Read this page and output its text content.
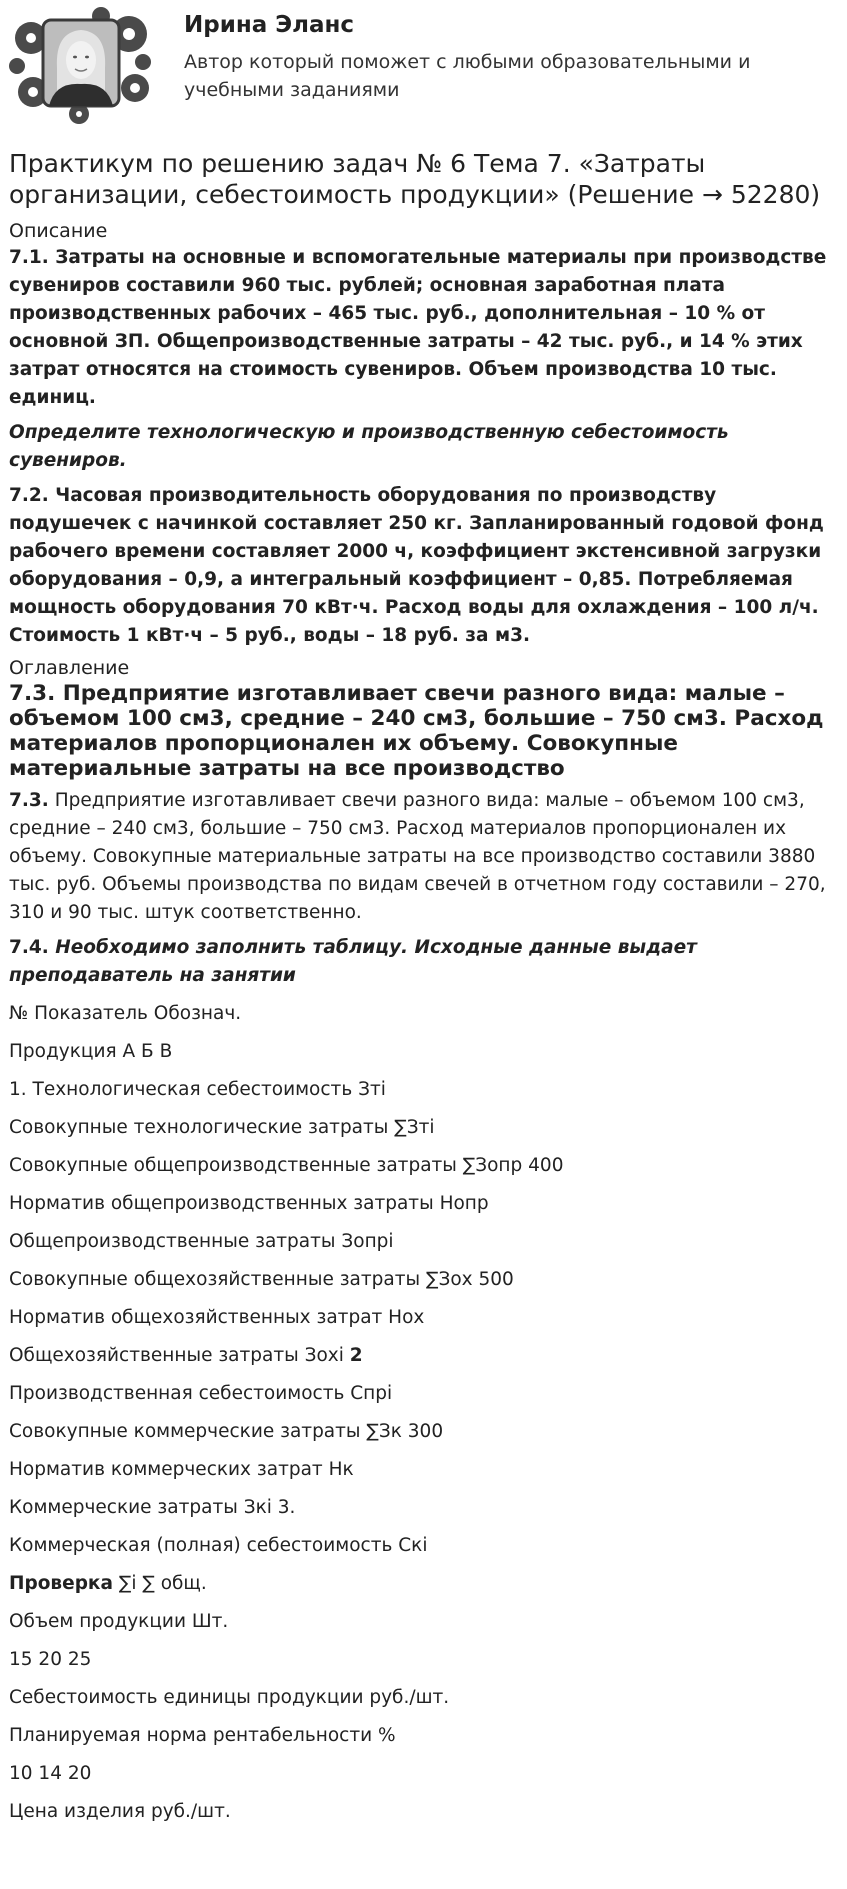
Ирина Эланс
Автор который поможет с любыми образовательными и учебными заданиями
Практикум по решению задач № 6 Тема 7. «Затраты организации, себестоимость продукции» (Решение → 52280)
Описание

7.1. Затраты на основные и вспомогательные материалы при производстве сувениров составили 960 тыс. рублей; основная заработная плата производственных рабочих – 465 тыс. руб., дополнительная – 10 % от основной ЗП. Общепроизводственные затраты – 42 тыс. руб., и 14 % этих затрат относятся на стоимость сувениров. Объем производства 10 тыс. единиц.

Определите технологическую и производственную себестоимость сувениров.

7.2. Часовая производительность оборудования по производству подушечек с начинкой составляет 250 кг. Запланированный годовой фонд рабочего времени составляет 2000 ч, коэффициент экстенсивной загрузки оборудования – 0,9, а интегральный коэффициент – 0,85. Потребляемая мощность оборудования 70 кВт·ч. Расход воды для охлаждения – 100 л/ч. Стоимость 1 кВт·ч – 5 руб., воды – 18 руб. за м3.

Оглавление
7.3. Предприятие изготавливает свечи разного вида: малые – объемом 100 см3, средние – 240 см3, большие – 750 см3. Расход материалов пропорционален их объему. Совокупные материальные затраты на все производство

7.3. Предприятие изготавливает свечи разного вида: малые – объемом 100 см3, средние – 240 см3, большие – 750 см3. Расход материалов пропорционален их объему. Совокупные материальные затраты на все производство составили 3880 тыс. руб. Объемы производства по видам свечей в отчетном году составили – 270, 310 и 90 тыс. штук соответственно.

7.4. Необходимо заполнить таблицу. Исходные данные выдает преподаватель на занятии

№ Показатель Обознач.

Продукция А Б В

1. Технологическая себестоимость Зтi

Совокупные технологические затраты ∑Зтi

Совокупные общепроизводственные затраты ∑Зопр 400

Норматив общепроизводственных затраты Нопр

Общепроизводственные затраты Зопрi

Совокупные общехозяйственные затраты ∑Зох 500

Норматив общехозяйственных затрат Нох

Общехозяйственные затраты Зохi 2

Производственная себестоимость Спрi

Совокупные коммерческие затраты ∑Зк 300

Норматив коммерческих затрат Нк

Коммерческие затраты Зкi 3.

Коммерческая (полная) себестоимость Скi

Проверка ∑i ∑ общ.

Объем продукции Шт.

15 20 25

Себестоимость единицы продукции руб./шт.

Планируемая норма рентабельности %

10 14 20

Цена изделия руб./шт.
